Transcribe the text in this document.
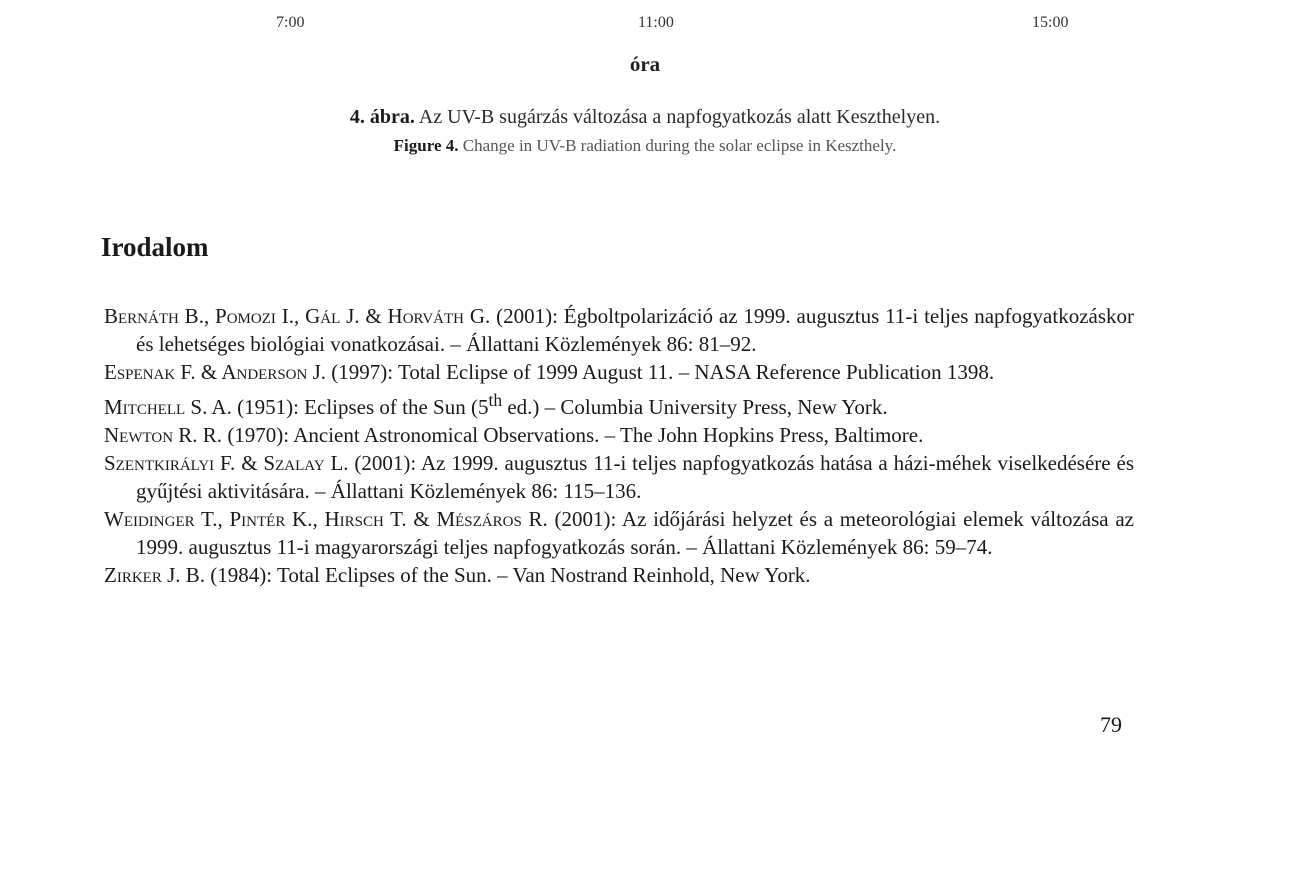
7:00	11:00	15:00
óra
4. ábra. Az UV-B sugárzás változása a napfogyatkozás alatt Keszthelyen.
Figure 4. Change in UV-B radiation during the solar eclipse in Keszthely.
Irodalom

Bernáth B., Pomozi I., Gál J. & Horváth G. (2001): Égboltpolarizáció az 1999. augusztus 11-i teljes napfogyatkozáskor és lehetséges biológiai vonatkozásai. – Állattani Közlemények 86: 81–92.

Espenak F. & Anderson J. (1997): Total Eclipse of 1999 August 11. – NASA Reference Publication 1398.

Mitchell S. A. (1951): Eclipses of the Sun (5th ed.) – Columbia University Press, New York.

Newton R. R. (1970): Ancient Astronomical Observations. – The John Hopkins Press, Baltimore.

Szentkirályi F. & Szalay L. (2001): Az 1999. augusztus 11-i teljes napfogyatkozás hatása a házi-méhek viselkedésére és gyűjtési aktivitására. – Állattani Közlemények 86: 115–136.

Weidinger T., Pintér K., Hirsch T. & Mészáros R. (2001): Az időjárási helyzet és a meteorológiai elemek változása az 1999. augusztus 11-i magyarországi teljes napfogyatkozás során. – Állattani Közlemények 86: 59–74.

Zirker J. B. (1984): Total Eclipses of the Sun. – Van Nostrand Reinhold, New York.

79
